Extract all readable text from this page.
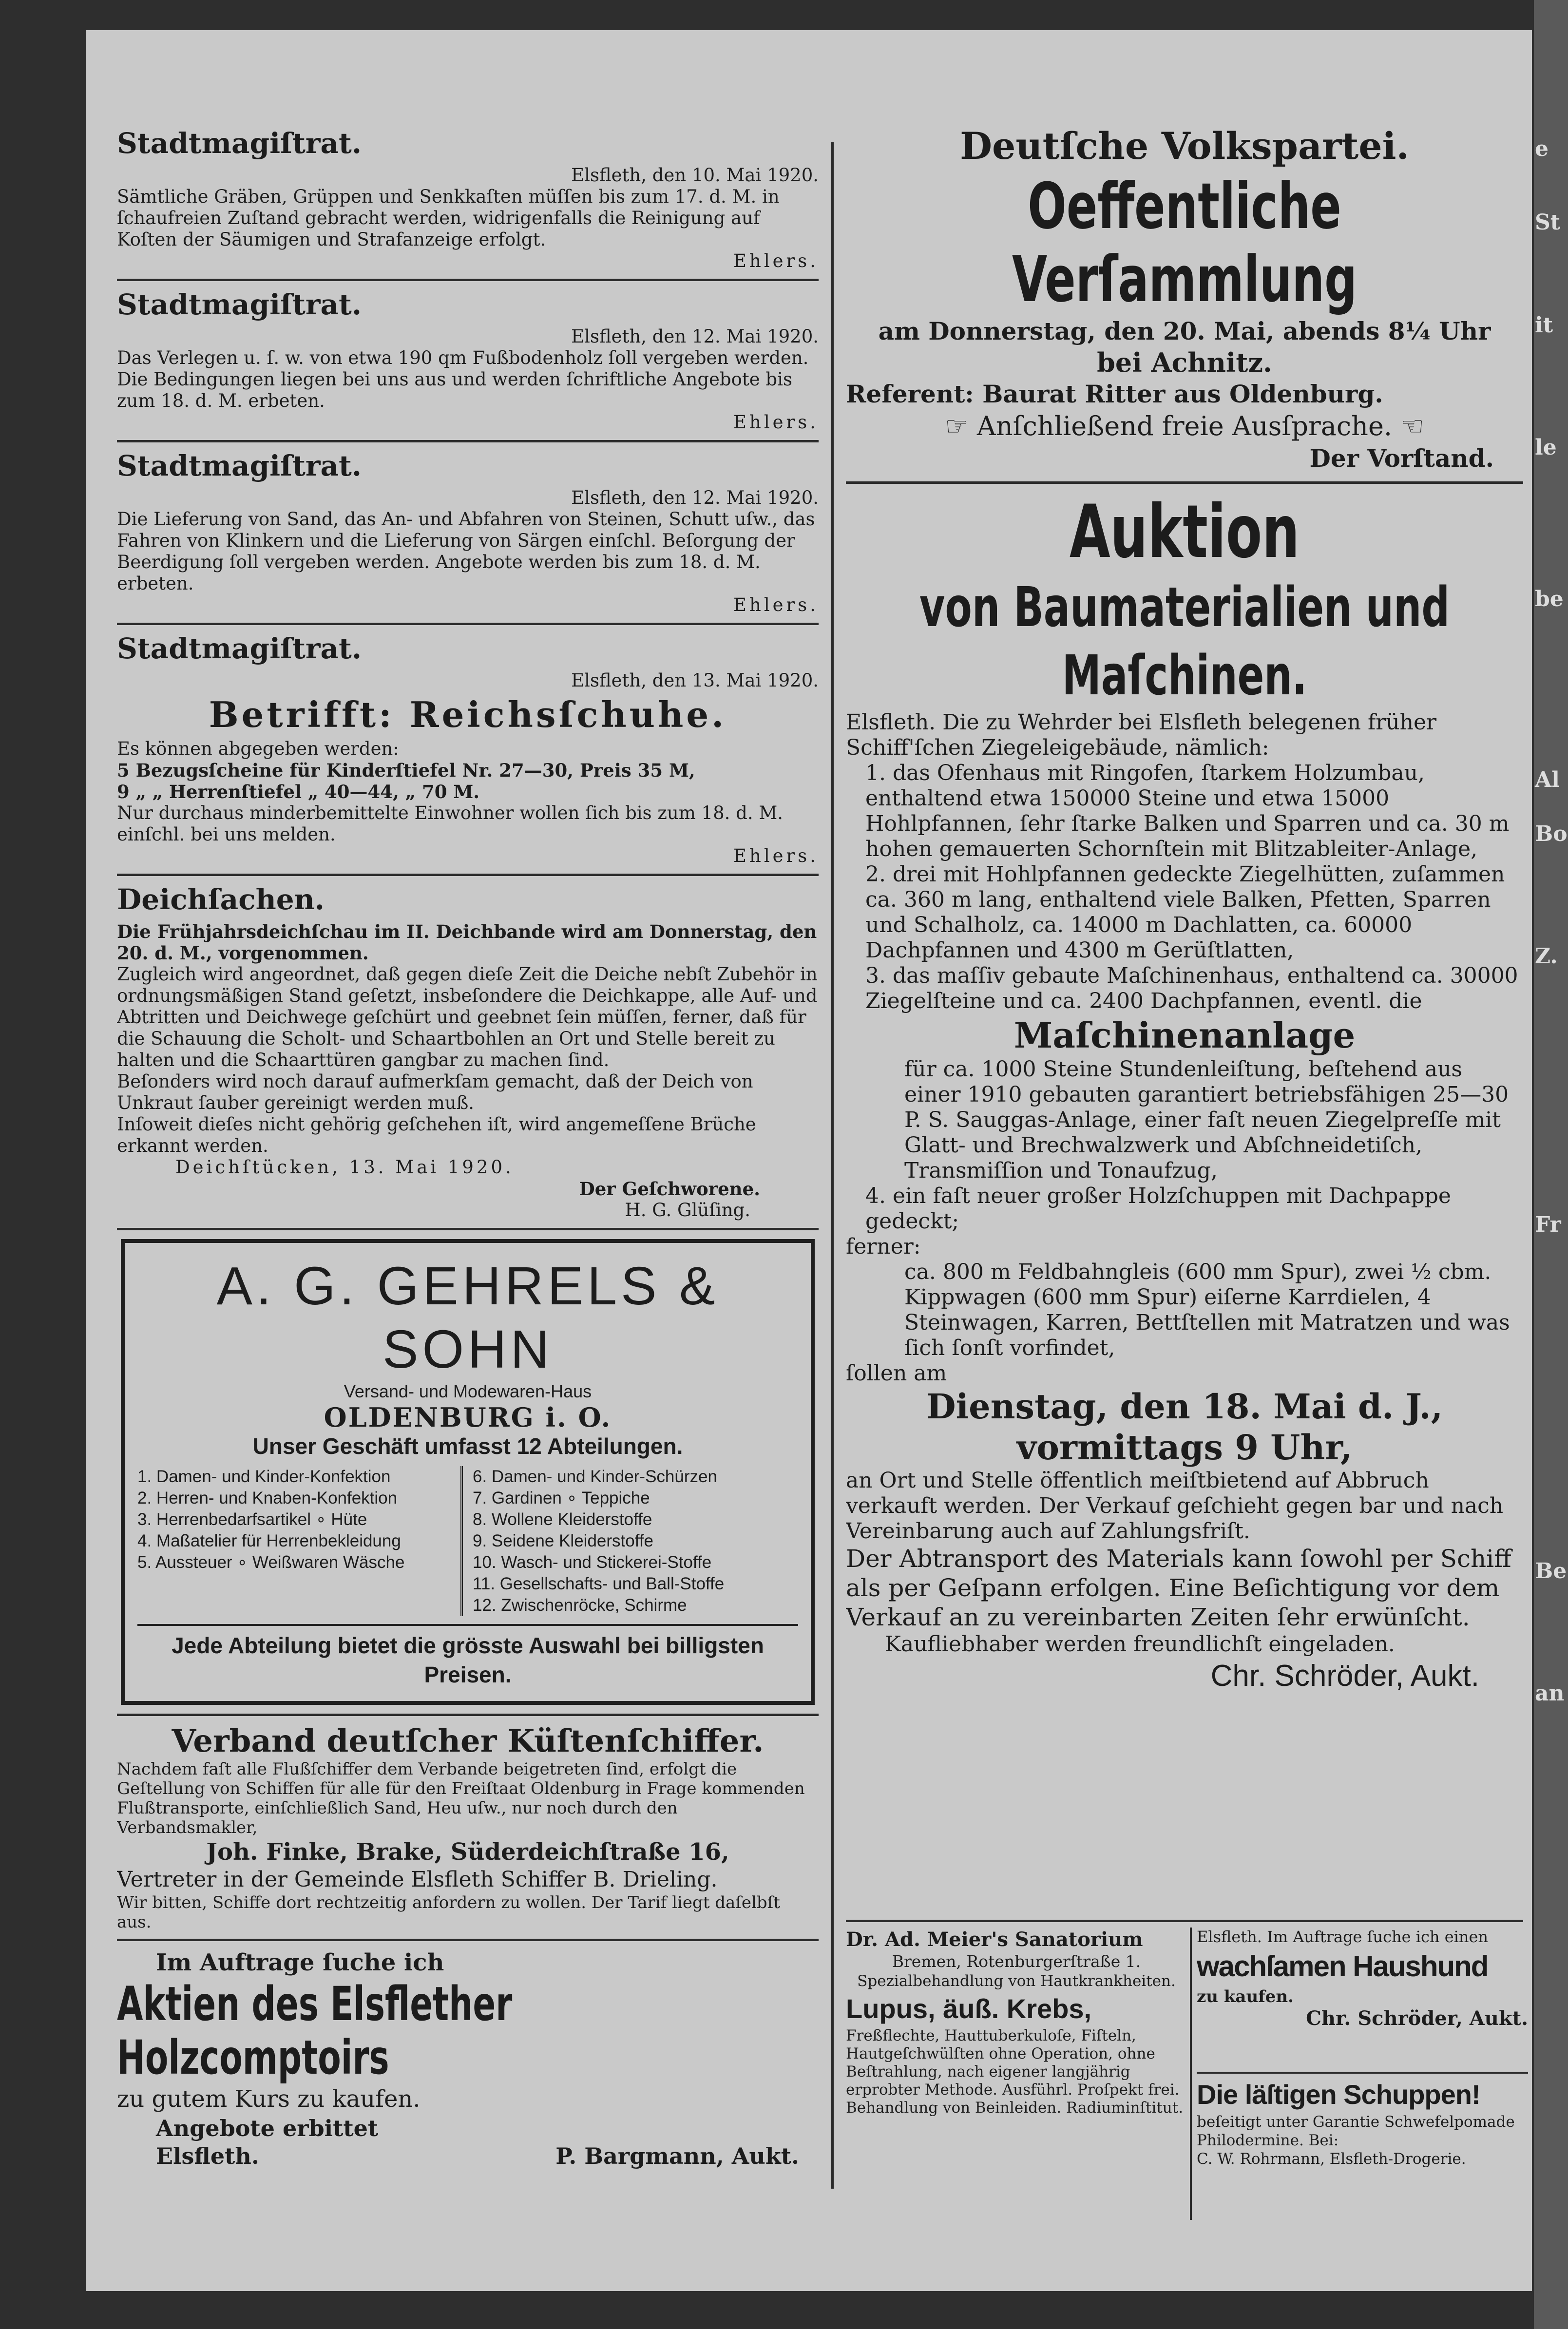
Stadtmagiſtrat.

Elsfleth, den 10. Mai 1920.

Sämtliche Gräben, Grüppen und Senkkaſten müſſen bis zum 17. d. M. in ſchaufreien Zuſtand gebracht werden, widrigenfalls die Reinigung auf Koſten der Säumigen und Strafanzeige erfolgt.

Ehlers.

Stadtmagiſtrat.

Elsfleth, den 12. Mai 1920.

Das Verlegen u. ſ. w. von etwa 190 qm Fußbodenholz ſoll vergeben werden. Die Bedingungen liegen bei uns aus und werden ſchriftliche Angebote bis zum 18. d. M. erbeten.

Ehlers.

Stadtmagiſtrat.

Elsfleth, den 12. Mai 1920.

Die Lieferung von Sand, das An- und Abfahren von Steinen, Schutt uſw., das Fahren von Klinkern und die Lieferung von Särgen einſchl. Beſorgung der Beerdigung ſoll vergeben werden. Angebote werden bis zum 18. d. M. erbeten.

Ehlers.

Stadtmagiſtrat.

Elsfleth, den 13. Mai 1920.

Betrifft: Reichsſchuhe.

Es können abgegeben werden:

5 Bezugsſcheine für Kinderſtiefel Nr. 27—30, Preis 35 M,

9 „ „ Herrenſtiefel „ 40—44, „ 70 M.

Nur durchaus minderbemittelte Einwohner wollen ſich bis zum 18. d. M. einſchl. bei uns melden.

Ehlers.

Deichſachen.

Die Frühjahrsdeichſchau im II. Deichbande wird am Donnerstag, den 20. d. M., vorgenommen.

Zugleich wird angeordnet, daß gegen dieſe Zeit die Deiche nebſt Zubehör in ordnungsmäßigen Stand geſetzt, insbeſondere die Deichkappe, alle Auf- und Abtritten und Deichwege geſchürt und geebnet ſein müſſen, ferner, daß für die Schauung die Scholt- und Schaartbohlen an Ort und Stelle bereit zu halten und die Schaarttüren gangbar zu machen ſind.

Beſonders wird noch darauf aufmerkſam gemacht, daß der Deich von Unkraut ſauber gereinigt werden muß.

Inſoweit dieſes nicht gehörig geſchehen iſt, wird angemeſſene Brüche erkannt werden.

Deichſtücken, 13. Mai 1920.

Der Geſchworene.

H. G. Glüſing.

A. G. GEHRELS & SOHN
Versand- und Modewaren-Haus
OLDENBURG i. O.
Unser Geschäft umfasst 12 Abteilungen.
1. Damen- und Kinder-Konfektion
2. Herren- und Knaben-Konfektion
3. Herrenbedarfsartikel ∘ Hüte
4. Maßatelier für Herrenbekleidung
5. Aussteuer ∘ Weißwaren Wäsche
6. Damen- und Kinder-Schürzen
7. Gardinen ∘ Teppiche
8. Wollene Kleiderstoffe
9. Seidene Kleiderstoffe
10. Wasch- und Stickerei-Stoffe
11. Gesellschafts- und Ball-Stoffe
12. Zwischenröcke, Schirme
Jede Abteilung bietet die grösste Auswahl bei billigsten Preisen.
Verband deutſcher Küſtenſchiffer.

Nachdem faſt alle Flußſchiffer dem Verbande beigetreten ſind, erfolgt die Geſtellung von Schiffen für alle für den Freiſtaat Oldenburg in Frage kommenden Flußtransporte, einſchließlich Sand, Heu uſw., nur noch durch den Verbandsmakler,

Joh. Finke, Brake, Süderdeichſtraße 16,

Vertreter in der Gemeinde Elsfleth Schiffer B. Drieling.

Wir bitten, Schiffe dort rechtzeitig anfordern zu wollen. Der Tarif liegt daſelbſt aus.

Im Auftrage ſuche ich

Aktien des Elsflether Holzcomptoirs

zu gutem Kurs zu kaufen.

Angebote erbittet

Elsfleth.	P. Bargmann, Aukt.
Deutſche Volkspartei.
Oeffentliche Verſammlung
am Donnerstag, den 20. Mai, abends 8¼ Uhr
bei Achnitz.
Referent: Baurat Ritter aus Oldenburg.
☞ Anſchließend freie Ausſprache. ☜
Der Vorſtand.
Auktion
von Baumaterialien und Maſchinen.

Elsfleth. Die zu Wehrder bei Elsfleth belegenen früher Schiff'ſchen Ziegeleigebäude, nämlich:

1. das Ofenhaus mit Ringofen, ſtarkem Holzumbau, enthaltend etwa 150000 Steine und etwa 15000 Hohlpfannen, ſehr ſtarke Balken und Sparren und ca. 30 m hohen gemauerten Schornſtein mit Blitzableiter-Anlage,

2. drei mit Hohlpfannen gedeckte Ziegelhütten, zuſammen ca. 360 m lang, enthaltend viele Balken, Pfetten, Sparren und Schalholz, ca. 14000 m Dachlatten, ca. 60000 Dachpfannen und 4300 m Gerüſtlatten,

3. das maſſiv gebaute Maſchinenhaus, enthaltend ca. 30000 Ziegelſteine und ca. 2400 Dachpfannen, eventl. die

Maſchinenanlage

für ca. 1000 Steine Stundenleiſtung, beſtehend aus einer 1910 gebauten garantiert betriebsfähigen 25—30 P. S. Sauggas-Anlage, einer faſt neuen Ziegelpreſſe mit Glatt- und Brechwalzwerk und Abſchneidetiſch, Transmiſſion und Tonaufzug,

4. ein faſt neuer großer Holzſchuppen mit Dachpappe gedeckt;

ferner:

ca. 800 m Feldbahngleis (600 mm Spur), zwei ½ cbm. Kippwagen (600 mm Spur) eiſerne Karrdielen, 4 Steinwagen, Karren, Bettſtellen mit Matratzen und was ſich ſonſt vorfindet,

ſollen am

Dienstag, den 18. Mai d. J.,
vormittags 9 Uhr,

an Ort und Stelle öffentlich meiſtbietend auf Abbruch verkauft werden. Der Verkauf geſchieht gegen bar und nach Vereinbarung auch auf Zahlungsfriſt.

Der Abtransport des Materials kann ſowohl per Schiff als per Geſpann erfolgen. Eine Beſichtigung vor dem Verkauf an zu vereinbarten Zeiten ſehr erwünſcht.

Kaufliebhaber werden freundlichſt eingeladen.

Chr. Schröder, Aukt.
Dr. Ad. Meier's Sanatorium
Bremen, Rotenburgerſtraße 1.
Spezialbehandlung von Hautkrankheiten.
Lupus, äuß. Krebs,
Freßflechte, Hauttuberkuloſe, Fiſteln, Hautgeſchwülſten ohne Operation, ohne Beſtrahlung, nach eigener langjährig erprobter Methode. Ausführl. Proſpekt frei. Behandlung von Beinleiden. Radiuminſtitut.
Elsfleth. Im Auftrage ſuche ich einen
wachſamen Haushund
zu kaufen.
Chr. Schröder, Aukt.
Die läſtigen Schuppen!
beſeitigt unter Garantie Schwefelpomade Philodermine. Bei:
C. W. Rohrmann, Elsfleth-Drogerie.
e
St
it
le
be
Al
Bo
Z.
Fr
Be
an
